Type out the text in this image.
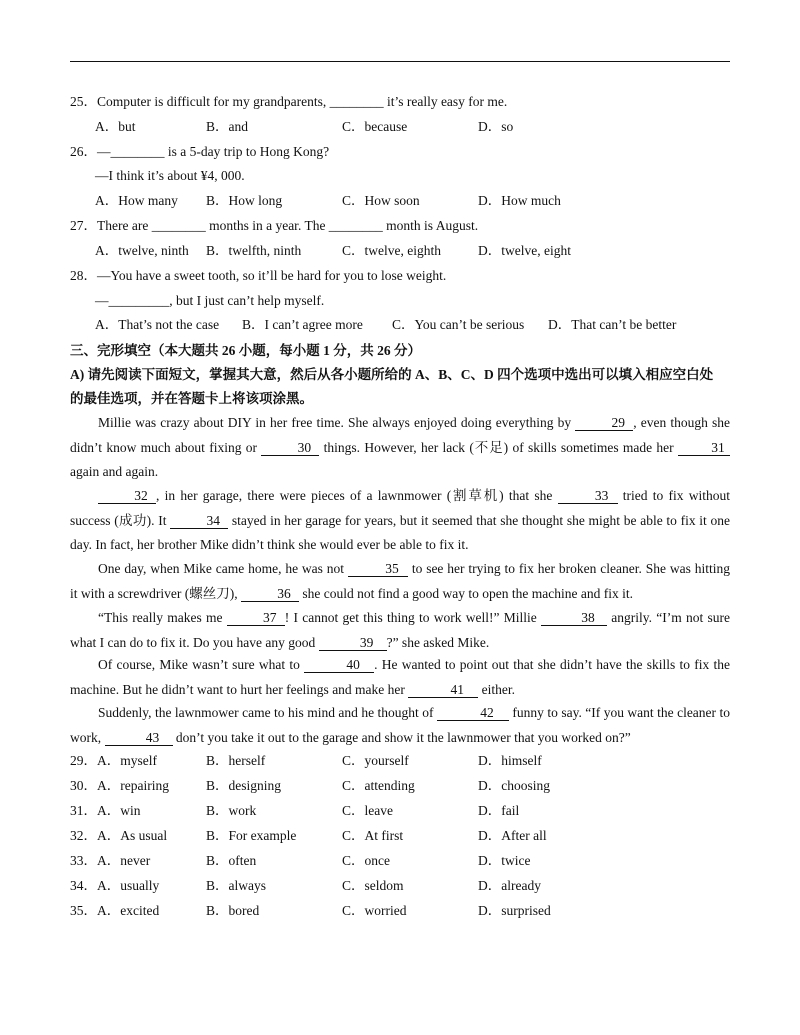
25．Computer is difficult for my grandparents, ________ it’s really easy for me.
A．but	B．and	C．because	D．so
26．—________ is a 5-day trip to Hong Kong?
—I think it’s about ¥4, 000.
A．How many B．How long	C．How soon	D．How much
27．There are ________ months in a year. The ________ month is August.
A．twelve, ninth B．twelfth, ninth	C．twelve, eighth	D．twelve, eight
28．—You have a sweet tooth, so it’ll be hard for you to lose weight.
—_________, but I just can’t help myself.
A．That’s not the case B．I can’t agree more C．You can’t be serious D．That can’t be better
三、完形填空（本大题共 26 小题，每小题 1 分，共 26 分）
A) 请先阅读下面短文，掌握其大意，然后从各小题所给的 A、B、C、D 四个选项中选出可以填入相应空白处
的最佳选项，并在答题卡上将该项涂黑。
Millie was crazy about DIY in her free time. She always enjoyed doing everything by	29 , even though she didn’t know much about fixing or	30 things. However, her lack (不足) of skills sometimes made her 31 again and again.
32 , in her garage, there were pieces of a lawnmower (割草机) that she	33 tried to fix without success (成功). It	34 stayed in her garage for years, but it seemed that she thought she might be able to fix it one day. In fact, her brother Mike didn’t think she would ever be able to fix it.
One day, when Mike came home, he was not	35 to see her trying to fix her broken cleaner. She was hitting it with a screwdriver (螺丝刀),	36 she could not find a good way to open the machine and fix it.
“This really makes me	37 ! I cannot get this thing to work well!” Millie	38 angrily. “I’m not sure what I can do to fix it. Do you have any good	39 ?” she asked Mike.
Of course, Mike wasn’t sure what to	40 . He wanted to point out that she didn’t have the skills to fix the machine. But he didn’t want to hurt her feelings and make her	41 either.
Suddenly, the lawnmower came to his mind and he thought of	42 funny to say. “If you want the cleaner to work,	43 don’t you take it out to the garage and show it the lawnmower that you worked on?”
29．A．myself	B．herself	C．yourself	D．himself
30．A．repairing	B．designing	C．attending	D．choosing
31．A．win	B．work	C．leave	D．fail
32．A．As usual	B．For example	C．At first	D．After all
33．A．never	B．often	C．once	D．twice
34．A．usually	B．always	C．seldom	D．already
35．A．excited	B．bored	C．worried	D．surprised
